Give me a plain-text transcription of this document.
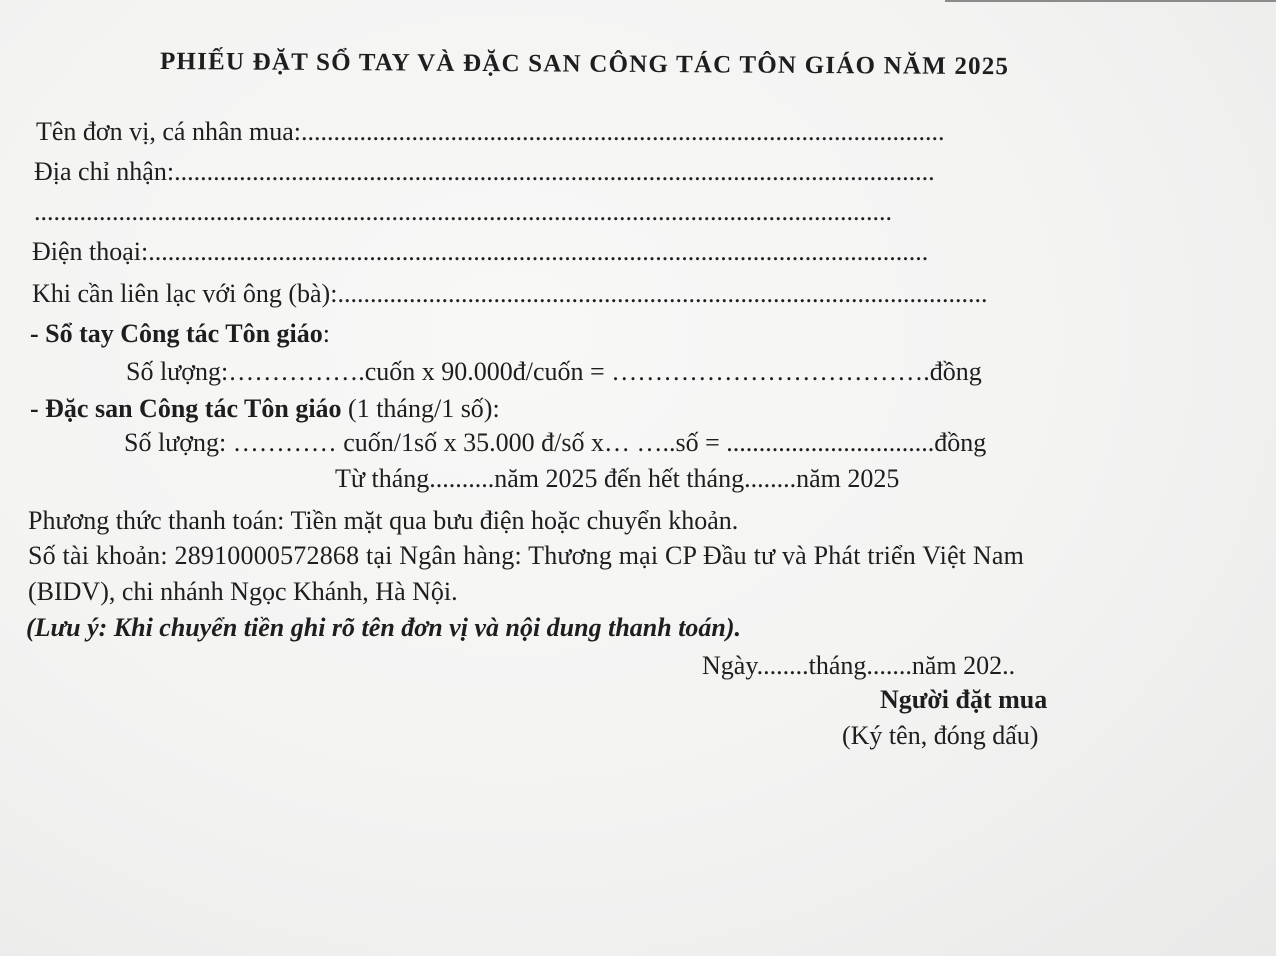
PHIẾU ĐẶT SỔ TAY VÀ ĐẶC SAN CÔNG TÁC TÔN GIÁO NĂM 2025
Tên đơn vị, cá nhân mua:...................................................................................................
Địa chỉ nhận:.....................................................................................................................
....................................................................................................................................
Điện thoại:........................................................................................................................
Khi cần liên lạc với ông (bà):....................................................................................................
- Sổ tay Công tác Tôn giáo:
Số lượng:…………….cuốn x 90.000đ/cuốn = ……………………………….đồng
- Đặc san Công tác Tôn giáo (1 tháng/1 số):
Số lượng: ………… cuốn/1số x 35.000 đ/số x… …..số = ................................đồng
Từ tháng..........năm 2025 đến hết tháng........năm 2025
Phương thức thanh toán: Tiền mặt qua bưu điện hoặc chuyển khoản.
Số tài khoản: 28910000572868 tại Ngân hàng: Thương mại CP Đầu tư và Phát triển Việt Nam
(BIDV), chi nhánh Ngọc Khánh, Hà Nội.
(Lưu ý: Khi chuyển tiền ghi rõ tên đơn vị và nội dung thanh toán).
Ngày........tháng.......năm 202..
Người đặt mua
(Ký tên, đóng dấu)
